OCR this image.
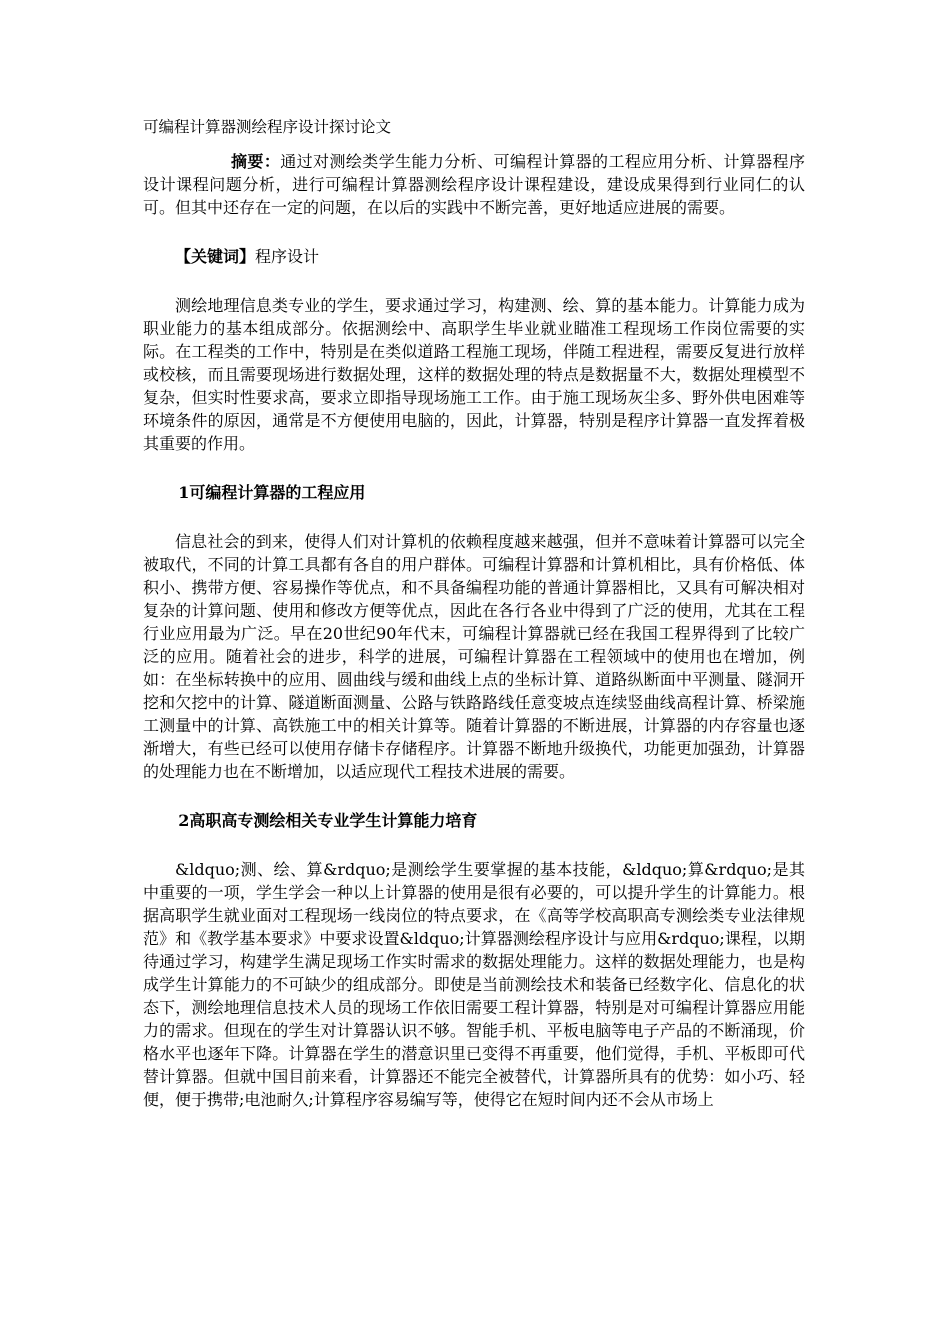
可编程计算器测绘程序设计探讨论文
摘要：通过对测绘类学生能力分析、可编程计算器的工程应用分析、计算器程序设计课程问题分析，进行可编程计算器测绘程序设计课程建设，建设成果得到行业同仁的认可。但其中还存在一定的问题，在以后的实践中不断完善，更好地适应进展的需要。
【关键词】程序设计
测绘地理信息类专业的学生，要求通过学习，构建测、绘、算的基本能力。计算能力成为职业能力的基本组成部分。依据测绘中、高职学生毕业就业瞄准工程现场工作岗位需要的实际。在工程类的工作中，特别是在类似道路工程施工现场，伴随工程进程，需要反复进行放样或校核，而且需要现场进行数据处理，这样的数据处理的特点是数据量不大，数据处理模型不复杂，但实时性要求高，要求立即指导现场施工工作。由于施工现场灰尘多、野外供电困难等环境条件的原因，通常是不方便使用电脑的，因此，计算器，特别是程序计算器一直发挥着极其重要的作用。
1可编程计算器的工程应用
信息社会的到来，使得人们对计算机的依赖程度越来越强，但并不意味着计算器可以完全被取代，不同的计算工具都有各自的用户群体。可编程计算器和计算机相比，具有价格低、体积小、携带方便、容易操作等优点，和不具备编程功能的普通计算器相比，又具有可解决相对复杂的计算问题、使用和修改方便等优点，因此在各行各业中得到了广泛的使用，尤其在工程行业应用最为广泛。早在20世纪90年代末，可编程计算器就已经在我国工程界得到了比较广泛的应用。随着社会的进步，科学的进展，可编程计算器在工程领域中的使用也在增加，例如：在坐标转换中的应用、圆曲线与缓和曲线上点的坐标计算、道路纵断面中平测量、隧洞开挖和欠挖中的计算、隧道断面测量、公路与铁路路线任意变坡点连续竖曲线高程计算、桥梁施工测量中的计算、高铁施工中的相关计算等。随着计算器的不断进展，计算器的内存容量也逐渐增大，有些已经可以使用存储卡存储程序。计算器不断地升级换代，功能更加强劲，计算器的处理能力也在不断增加，以适应现代工程技术进展的需要。
2高职高专测绘相关专业学生计算能力培育
&ldquo;测、绘、算&rdquo;是测绘学生要掌握的基本技能，&ldquo;算&rdquo;是其中重要的一项，学生学会一种以上计算器的使用是很有必要的，可以提升学生的计算能力。根据高职学生就业面对工程现场一线岗位的特点要求，在《高等学校高职高专测绘类专业法律规范》和《教学基本要求》中要求设置&ldquo;计算器测绘程序设计与应用&rdquo;课程，以期待通过学习，构建学生满足现场工作实时需求的数据处理能力。这样的数据处理能力，也是构成学生计算能力的不可缺少的组成部分。即使是当前测绘技术和装备已经数字化、信息化的状态下，测绘地理信息技术人员的现场工作依旧需要工程计算器，特别是对可编程计算器应用能力的需求。但现在的学生对计算器认识不够。智能手机、平板电脑等电子产品的不断涌现，价格水平也逐年下降。计算器在学生的潜意识里已变得不再重要，他们觉得，手机、平板即可代替计算器。但就中国目前来看，计算器还不能完全被替代，计算器所具有的优势：如小巧、轻便，便于携带;电池耐久;计算程序容易编写等，使得它在短时间内还不会从市场上
